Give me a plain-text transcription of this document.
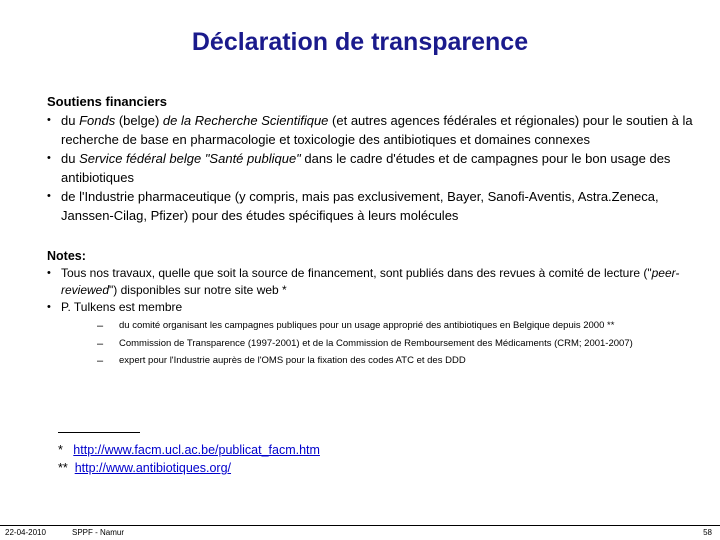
Déclaration de transparence
Soutiens financiers
• du Fonds (belge) de la Recherche Scientifique (et autres agences fédérales et régionales) pour le soutien à la recherche de base en pharmacologie et toxicologie des antibiotiques et domaines connexes
• du Service fédéral belge "Santé publique" dans le cadre d'études et de campagnes pour le bon usage des antibiotiques
• de l'Industrie pharmaceutique (y compris, mais pas exclusivement, Bayer, Sanofi-Aventis, Astra.Zeneca, Janssen-Cilag, Pfizer) pour des études spécifiques à leurs molécules
Notes:
• Tous nos travaux, quelle que soit la source de financement, sont publiés dans des revues à comité de lecture ("peer-reviewed") disponibles sur notre site web *
• P. Tulkens est membre
– du comité organisant les campagnes publiques pour un usage approprié des antibiotiques en Belgique depuis 2000 **
– Commission de Transparence (1997-2001) et de la Commission de Remboursement des Médicaments (CRM; 2001-2007)
– expert pour l'Industrie auprès de l'OMS pour la fixation des codes ATC et des DDD
* http://www.facm.ucl.ac.be/publicat_facm.htm
** http://www.antibiotiques.org/
22-04-2010	SPPF - Namur	58
